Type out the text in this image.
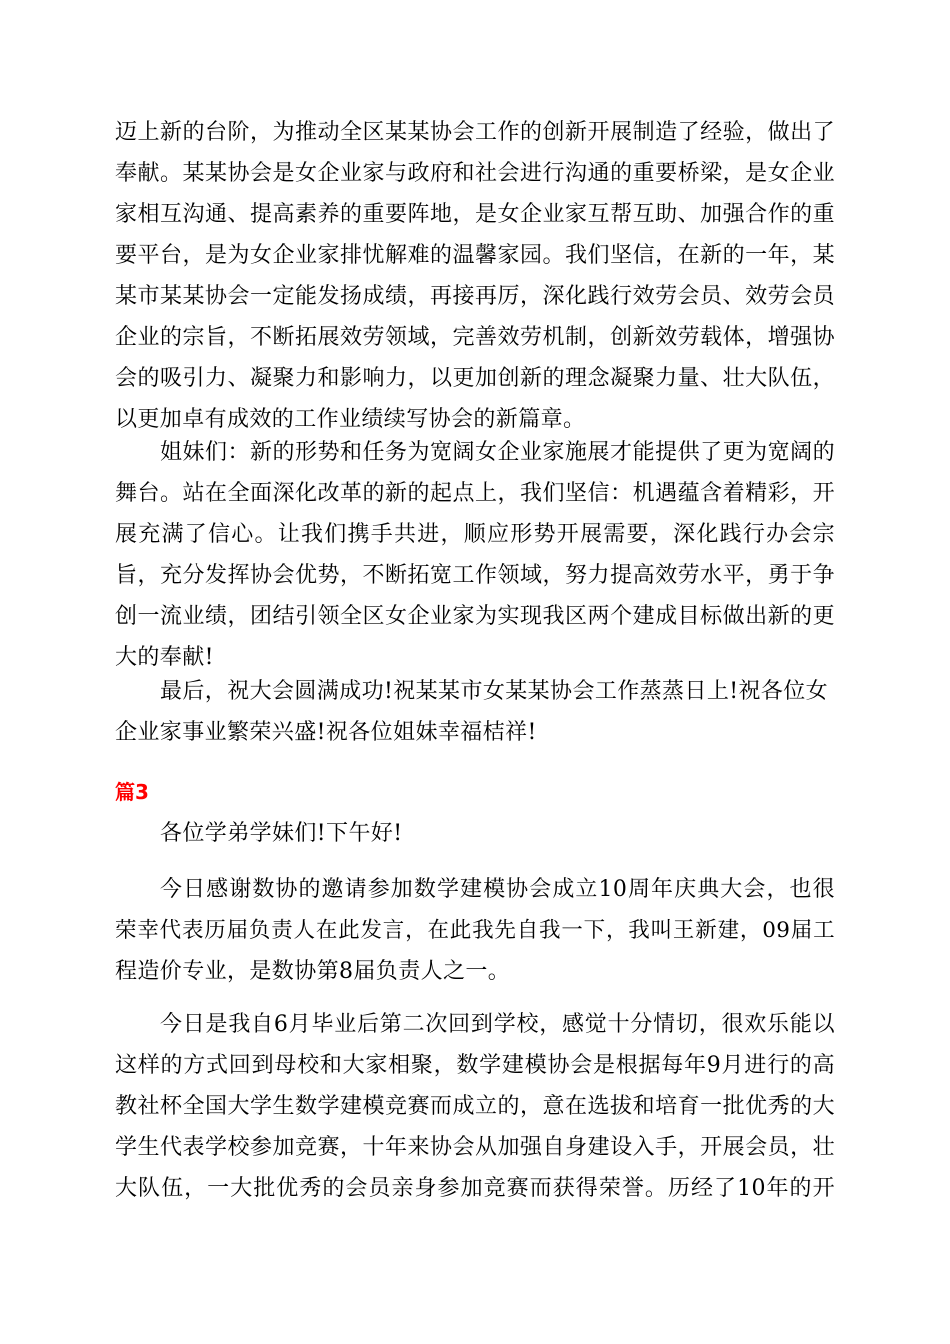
迈上新的台阶，为推动全区某某协会工作的创新开展制造了经验，做出了
奉献。某某协会是女企业家与政府和社会进行沟通的重要桥梁，是女企业
家相互沟通、提高素养的重要阵地，是女企业家互帮互助、加强合作的重
要平台，是为女企业家排忧解难的温馨家园。我们坚信，在新的一年，某
某市某某协会一定能发扬成绩，再接再厉，深化践行效劳会员、效劳会员
企业的宗旨，不断拓展效劳领域，完善效劳机制，创新效劳载体，增强协
会的吸引力、凝聚力和影响力，以更加创新的理念凝聚力量、壮大队伍，
以更加卓有成效的工作业绩续写协会的新篇章。
姐妹们：新的形势和任务为宽阔女企业家施展才能提供了更为宽阔的
舞台。站在全面深化改革的新的起点上，我们坚信：机遇蕴含着精彩，开
展充满了信心。让我们携手共进，顺应形势开展需要，深化践行办会宗
旨，充分发挥协会优势，不断拓宽工作领域，努力提高效劳水平，勇于争
创一流业绩，团结引领全区女企业家为实现我区两个建成目标做出新的更
大的奉献!
最后，祝大会圆满成功!祝某某市女某某协会工作蒸蒸日上!祝各位女
企业家事业繁荣兴盛!祝各位姐妹幸福桔祥!
篇3
各位学弟学妹们!下午好!
今日感谢数协的邀请参加数学建模协会成立10周年庆典大会，也很
荣幸代表历届负责人在此发言，在此我先自我一下，我叫王新建，09届工
程造价专业，是数协第8届负责人之一。
今日是我自6月毕业后第二次回到学校，感觉十分情切，很欢乐能以
这样的方式回到母校和大家相聚，数学建模协会是根据每年9月进行的高
教社杯全国大学生数学建模竞赛而成立的，意在选拔和培育一批优秀的大
学生代表学校参加竞赛，十年来协会从加强自身建设入手，开展会员，壮
大队伍，一大批优秀的会员亲身参加竞赛而获得荣誉。历经了10年的开
